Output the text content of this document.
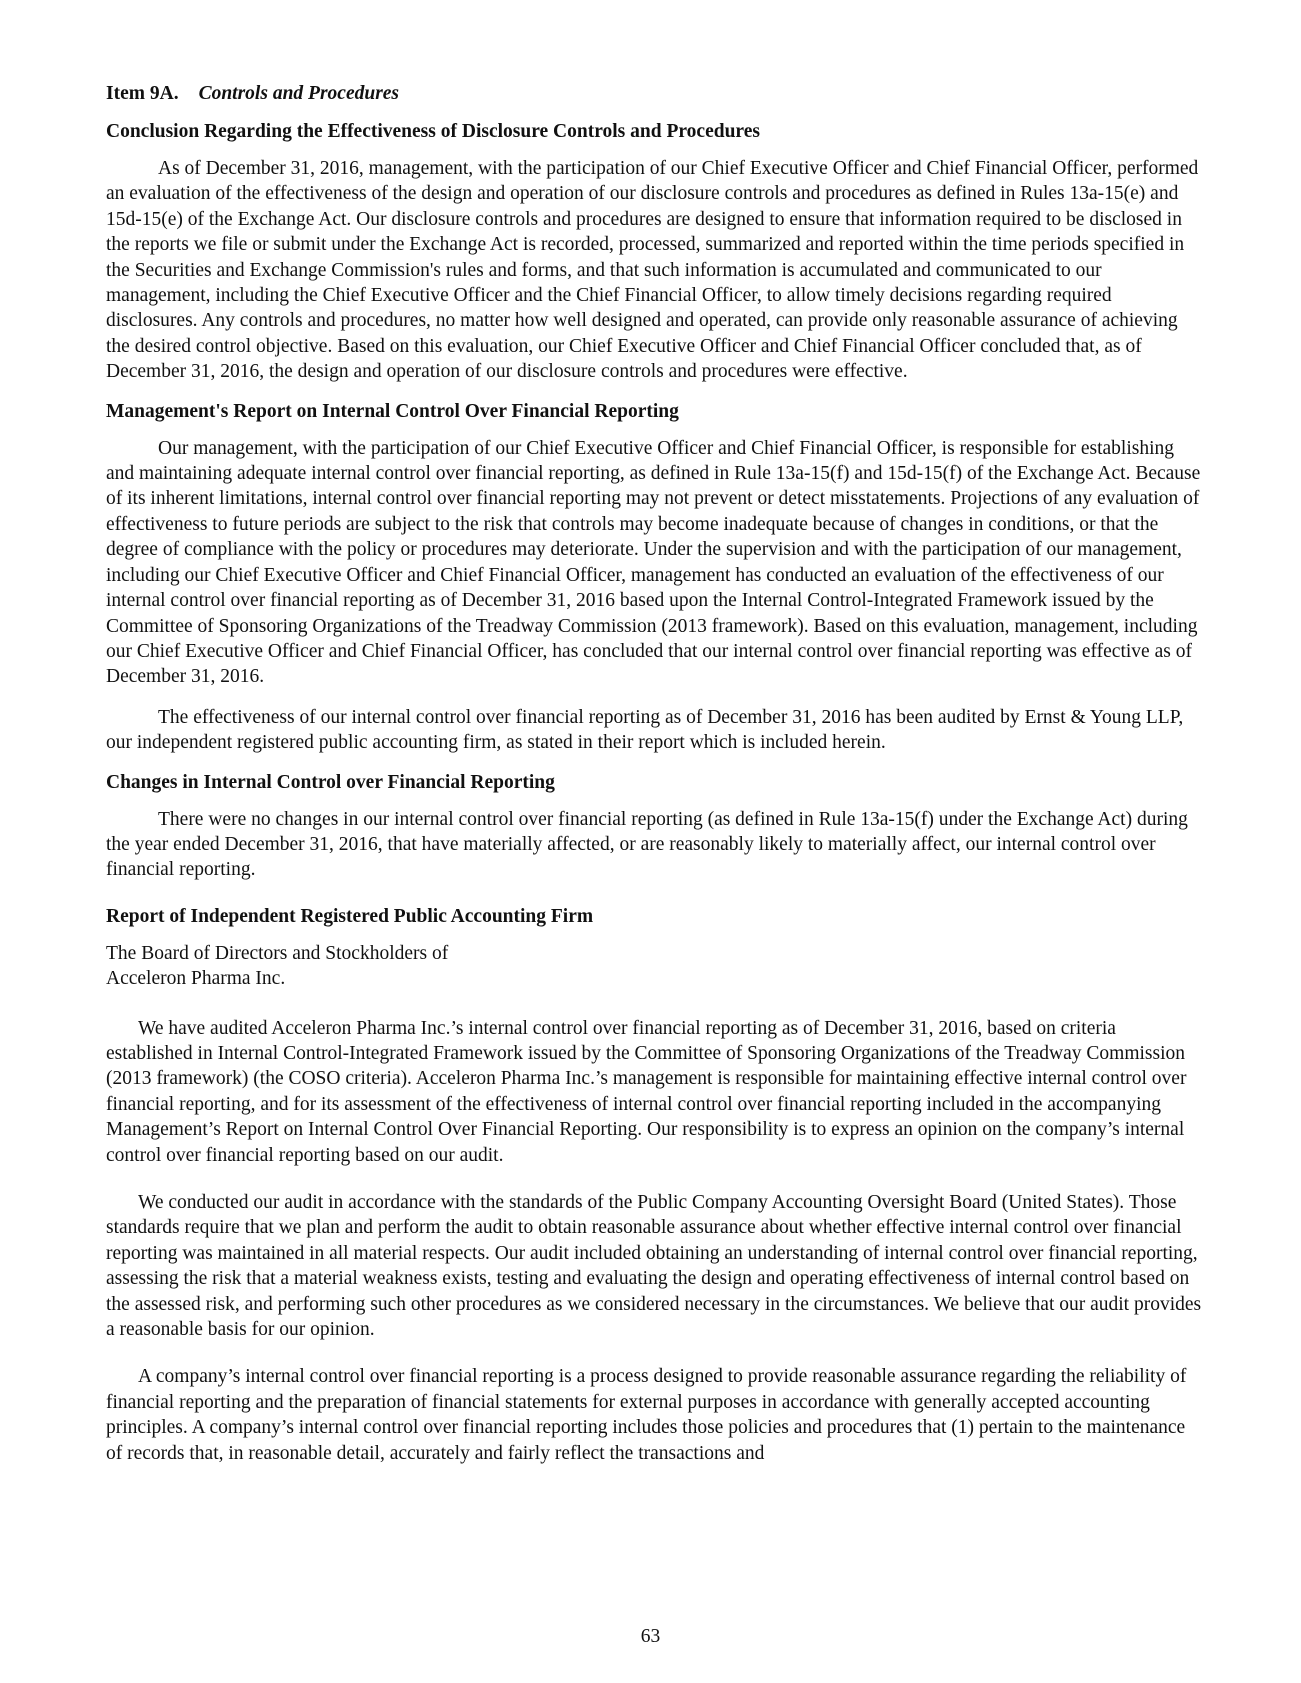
Item 9A. Controls and Procedures
Conclusion Regarding the Effectiveness of Disclosure Controls and Procedures

As of December 31, 2016, management, with the participation of our Chief Executive Officer and Chief Financial Officer, performed an evaluation of the effectiveness of the design and operation of our disclosure controls and procedures as defined in Rules 13a-15(e) and 15d-15(e) of the Exchange Act. Our disclosure controls and procedures are designed to ensure that information required to be disclosed in the reports we file or submit under the Exchange Act is recorded, processed, summarized and reported within the time periods specified in the Securities and Exchange Commission's rules and forms, and that such information is accumulated and communicated to our management, including the Chief Executive Officer and the Chief Financial Officer, to allow timely decisions regarding required disclosures. Any controls and procedures, no matter how well designed and operated, can provide only reasonable assurance of achieving the desired control objective. Based on this evaluation, our Chief Executive Officer and Chief Financial Officer concluded that, as of December 31, 2016, the design and operation of our disclosure controls and procedures were effective.

Management's Report on Internal Control Over Financial Reporting

Our management, with the participation of our Chief Executive Officer and Chief Financial Officer, is responsible for establishing and maintaining adequate internal control over financial reporting, as defined in Rule 13a-15(f) and 15d-15(f) of the Exchange Act. Because of its inherent limitations, internal control over financial reporting may not prevent or detect misstatements. Projections of any evaluation of effectiveness to future periods are subject to the risk that controls may become inadequate because of changes in conditions, or that the degree of compliance with the policy or procedures may deteriorate. Under the supervision and with the participation of our management, including our Chief Executive Officer and Chief Financial Officer, management has conducted an evaluation of the effectiveness of our internal control over financial reporting as of December 31, 2016 based upon the Internal Control-Integrated Framework issued by the Committee of Sponsoring Organizations of the Treadway Commission (2013 framework). Based on this evaluation, management, including our Chief Executive Officer and Chief Financial Officer, has concluded that our internal control over financial reporting was effective as of December 31, 2016.

The effectiveness of our internal control over financial reporting as of December 31, 2016 has been audited by Ernst & Young LLP, our independent registered public accounting firm, as stated in their report which is included herein.

Changes in Internal Control over Financial Reporting

There were no changes in our internal control over financial reporting (as defined in Rule 13a-15(f) under the Exchange Act) during the year ended December 31, 2016, that have materially affected, or are reasonably likely to materially affect, our internal control over financial reporting.

Report of Independent Registered Public Accounting Firm
The Board of Directors and Stockholders of
Acceleron Pharma Inc.

We have audited Acceleron Pharma Inc.’s internal control over financial reporting as of December 31, 2016, based on criteria established in Internal Control-Integrated Framework issued by the Committee of Sponsoring Organizations of the Treadway Commission (2013 framework) (the COSO criteria). Acceleron Pharma Inc.’s management is responsible for maintaining effective internal control over financial reporting, and for its assessment of the effectiveness of internal control over financial reporting included in the accompanying Management’s Report on Internal Control Over Financial Reporting. Our responsibility is to express an opinion on the company’s internal control over financial reporting based on our audit.

We conducted our audit in accordance with the standards of the Public Company Accounting Oversight Board (United States). Those standards require that we plan and perform the audit to obtain reasonable assurance about whether effective internal control over financial reporting was maintained in all material respects. Our audit included obtaining an understanding of internal control over financial reporting, assessing the risk that a material weakness exists, testing and evaluating the design and operating effectiveness of internal control based on the assessed risk, and performing such other procedures as we considered necessary in the circumstances. We believe that our audit provides a reasonable basis for our opinion.

A company’s internal control over financial reporting is a process designed to provide reasonable assurance regarding the reliability of financial reporting and the preparation of financial statements for external purposes in accordance with generally accepted accounting principles. A company’s internal control over financial reporting includes those policies and procedures that (1) pertain to the maintenance of records that, in reasonable detail, accurately and fairly reflect the transactions and

63
